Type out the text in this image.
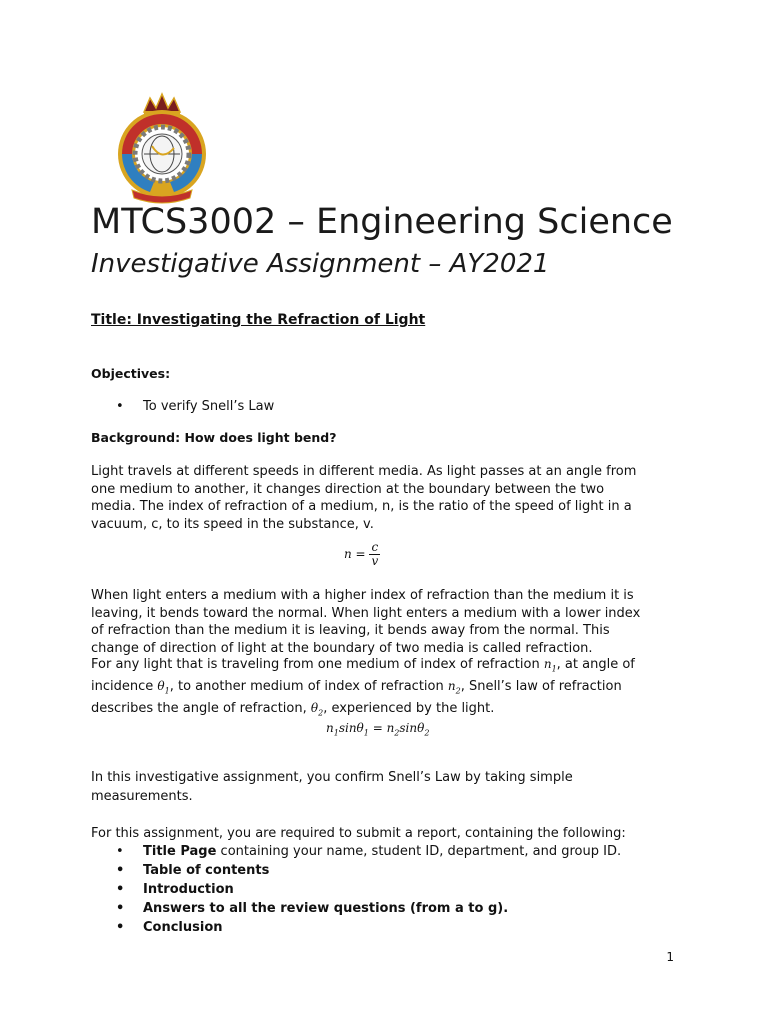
MTCS3002 – Engineering Science
Investigative Assignment – AY2021

Title: Investigating the Refraction of Light

Objectives:

• To verify Snell’s Law

Background: How does light bend?

Light travels at different speeds in different media. As light passes at an angle from
one medium to another, it changes direction at the boundary between the two
media. The index of refraction of a medium, n, is the ratio of the speed of light in a
vacuum, c, to its speed in the substance, v.
$n = \frac{c}{v}$
When light enters a medium with a higher index of refraction than the medium it is
leaving, it bends toward the normal. When light enters a medium with a lower index
of refraction than the medium it is leaving, it bends away from the normal. This
change of direction of light at the boundary of two media is called refraction.
For any light that is traveling from one medium of index of refraction $n_1$, at angle of
incidence $\theta_1$, to another medium of index of refraction $n_2$, Snell’s law of refraction
describes the angle of refraction, $\theta_2$, experienced by the light.
$n_1\sin\theta_1 = n_2\sin\theta_2$
In this investigative assignment, you confirm Snell’s Law by taking simple
measurements.

For this assignment, you are required to submit a report, containing the following:

• Title Page containing your name, student ID, department, and group ID.
• Table of contents
• Introduction
• Answers to all the review questions (from a to g).
• Conclusion
1
